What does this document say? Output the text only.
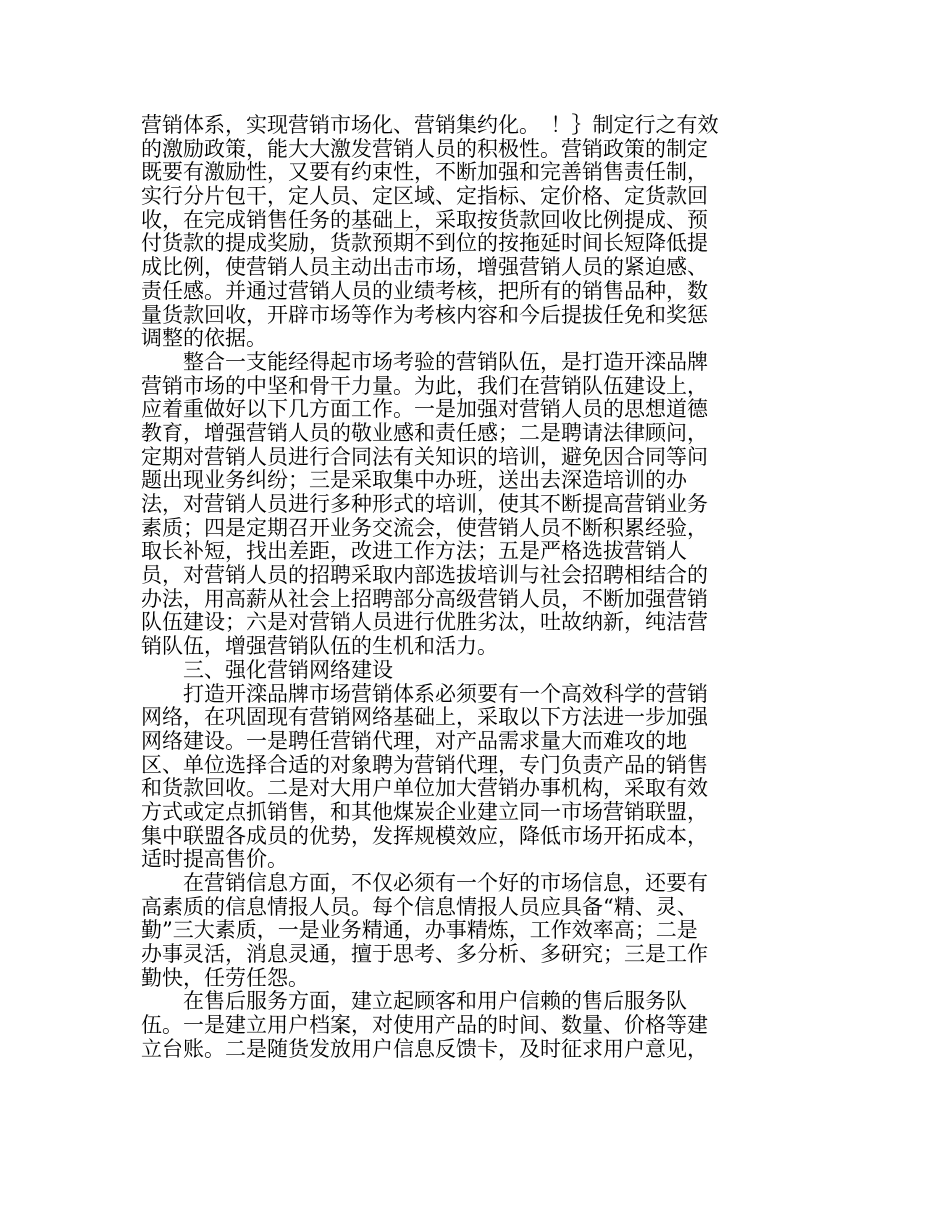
营销体系，实现营销市场化、营销集约化。　！｝制定行之有效
的激励政策，能大大激发营销人员的积极性。营销政策的制定
既要有激励性，又要有约束性，不断加强和完善销售责任制，
实行分片包干，定人员、定区域、定指标、定价格、定货款回
收，在完成销售任务的基础上，采取按货款回收比例提成、预
付货款的提成奖励，货款预期不到位的按拖延时间长短降低提
成比例，使营销人员主动出击市场，增强营销人员的紧迫感、
责任感。并通过营销人员的业绩考核，把所有的销售品种，数
量货款回收，开辟市场等作为考核内容和今后提拔任免和奖惩
调整的依据。
　　整合一支能经得起市场考验的营销队伍，是打造开滦品牌
营销市场的中坚和骨干力量。为此，我们在营销队伍建设上，
应着重做好以下几方面工作。一是加强对营销人员的思想道德
教育，增强营销人员的敬业感和责任感；二是聘请法律顾问，
定期对营销人员进行合同法有关知识的培训，避免因合同等问
题出现业务纠纷；三是采取集中办班，送出去深造培训的办
法，对营销人员进行多种形式的培训，使其不断提高营销业务
素质；四是定期召开业务交流会，使营销人员不断积累经验，
取长补短，找出差距，改进工作方法；五是严格选拔营销人
员，对营销人员的招聘采取内部选拔培训与社会招聘相结合的
办法，用高薪从社会上招聘部分高级营销人员，不断加强营销
队伍建设；六是对营销人员进行优胜劣汰，吐故纳新，纯洁营
销队伍，增强营销队伍的生机和活力。
　　三、强化营销网络建设
　　打造开滦品牌市场营销体系必须要有一个高效科学的营销
网络，在巩固现有营销网络基础上，采取以下方法进一步加强
网络建设。一是聘任营销代理，对产品需求量大而难攻的地
区、单位选择合适的对象聘为营销代理，专门负责产品的销售
和货款回收。二是对大用户单位加大营销办事机构，采取有效
方式或定点抓销售，和其他煤炭企业建立同一市场营销联盟，
集中联盟各成员的优势，发挥规模效应，降低市场开拓成本，
适时提高售价。
　　在营销信息方面，不仅必须有一个好的市场信息，还要有
高素质的信息情报人员。每个信息情报人员应具备“精、灵、
勤”三大素质，一是业务精通，办事精炼，工作效率高；二是
办事灵活，消息灵通，擅于思考、多分析、多研究；三是工作
勤快，任劳任怨。
　　在售后服务方面，建立起顾客和用户信赖的售后服务队
伍。一是建立用户档案，对使用产品的时间、数量、价格等建
立台账。二是随货发放用户信息反馈卡，及时征求用户意见，
